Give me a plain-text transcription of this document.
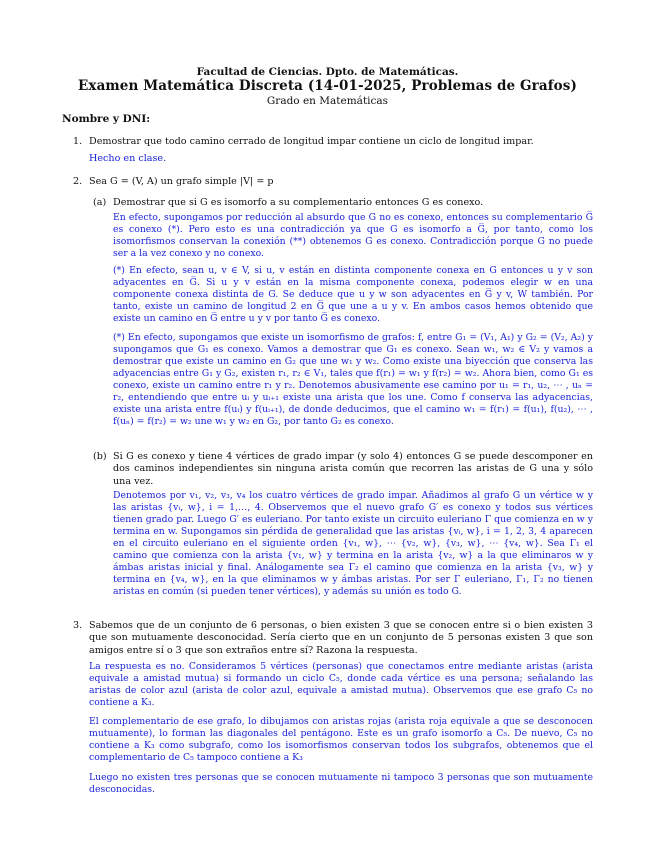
Facultad de Ciencias. Dpto. de Matemáticas.
Examen Matemática Discreta (14-01-2025, Problemas de Grafos)
Grado en Matemáticas
Nombre y DNI:
1. Demostrar que todo camino cerrado de longitud impar contiene un ciclo de longitud impar.
Hecho en clase.
2. Sea G = (V, A) un grafo simple |V| = p
(a) Demostrar que si G es isomorfo a su complementario entonces G es conexo.
En efecto, supongamos por reducción al absurdo que G no es conexo, entonces su complementario G̅ es conexo (*). Pero esto es una contradicción ya que G es isomorfo a G̅, por tanto, como los isomorfismos conservan la conexión (**) obtenemos G es conexo. Contradicción porque G no puede ser a la vez conexo y no conexo.
(*) En efecto, sean u, v ∈ V, si u, v están en distinta componente conexa en G entonces u y v son adyacentes en G̅. Si u y v están en la misma componente conexa, podemos elegir w en una componente conexa distinta de G. Se deduce que u y w son adyacentes en G̅ y v, W también. Por tanto, existe un camino de longitud 2 en G̅ que une a u y v. En ambos casos hemos obtenido que existe un camino en G̅ entre u y v por tanto G̅ es conexo.
(*) En efecto, supongamos que existe un isomorfismo de grafos: f, entre G₁ = (V₁, A₁) y G₂ = (V₂, A₂) y supongamos que G₁ es conexo. Vamos a demostrar que G₁ es conexo. Sean w₁, w₂ ∈ V₂ y vamos a demostrar que existe un camino en G₂ que une w₁ y w₂. Como existe una biyección que conserva las adyacencias entre G₁ y G₂, existen r₁, r₂ ∈ V₁, tales que f(r₁) = w₁ y f(r₂) = w₂. Ahora bien, como G₁ es conexo, existe un camino entre r₁ y r₂. Denotemos abusivamente ese camino por u₁ = r₁, u₂, ⋯ , uₙ = r₂, entendiendo que entre uᵢ y uᵢ₊₁ existe una arista que los une. Como f conserva las adyacencias, existe una arista entre f(uᵢ) y f(uᵢ₊₁), de donde deducimos, que el camino w₁ = f(r₁) = f(u₁), f(u₂), ⋯ , f(uₙ) = f(r₂) = w₂ une w₁ y w₂ en G₂, por tanto G₂ es conexo.
(b) Si G es conexo y tiene 4 vértices de grado impar (y solo 4) entonces G se puede descomponer en dos caminos independientes sin ninguna arista común que recorren las aristas de G una y sólo una vez.
Denotemos por v₁, v₂, v₃, v₄ los cuatro vértices de grado impar. Añadimos al grafo G un vértice w y las aristas {vᵢ, w}, i = 1,…, 4. Observemos que el nuevo grafo G′ es conexo y todos sus vértices tienen grado par. Luego G′ es euleriano. Por tanto existe un circuito euleriano Γ que comienza en w y termina en w. Supongamos sin pérdida de generalidad que las aristas {vᵢ, w}, i = 1, 2, 3, 4 aparecen en el circuito euleriano en el siguiente orden {v₁, w}, ⋯ {v₂, w}, {v₃, w}, ⋯ {v₄, w}. Sea Γ₁ el camino que comienza con la arista {v₁, w} y termina en la arista {v₂, w} a la que eliminaros w y ámbas aristas inicial y final. Análogamente sea Γ₂ el camino que comienza en la arista {v₃, w} y termina en {v₄, w}, en la que eliminamos w y ámbas aristas. Por ser Γ euleriano, Γ₁, Γ₂ no tienen aristas en común (si pueden tener vértices), y además su unión es todo G.
3. Sabemos que de un conjunto de 6 personas, o bien existen 3 que se conocen entre si o bien existen 3 que son mutuamente desconocidad. Sería cierto que en un conjunto de 5 personas existen 3 que son amigos entre sí o 3 que son extraños entre sí? Razona la respuesta.
La respuesta es no. Consideramos 5 vértices (personas) que conectamos entre mediante aristas (arista equivale a amistad mutua) si formando un ciclo C₅, donde cada vértice es una persona; señalando las aristas de color azul (arista de color azul, equivale a amistad mutua). Observemos que ese grafo C₅ no contiene a K₃.
El complementario de ese grafo, lo dibujamos con aristas rojas (arista roja equivale a que se desconocen mutuamente), lo forman las diagonales del pentágono. Este es un grafo isomorfo a C₅. De nuevo, C₅ no contiene a K₃ como subgrafo, como los isomorfismos conservan todos los subgrafos, obtenemos que el complementario de C₅ tampoco contiene a K₃
Luego no existen tres personas que se conocen mutuamente ni tampoco 3 personas que son mutuamente desconocidas.
